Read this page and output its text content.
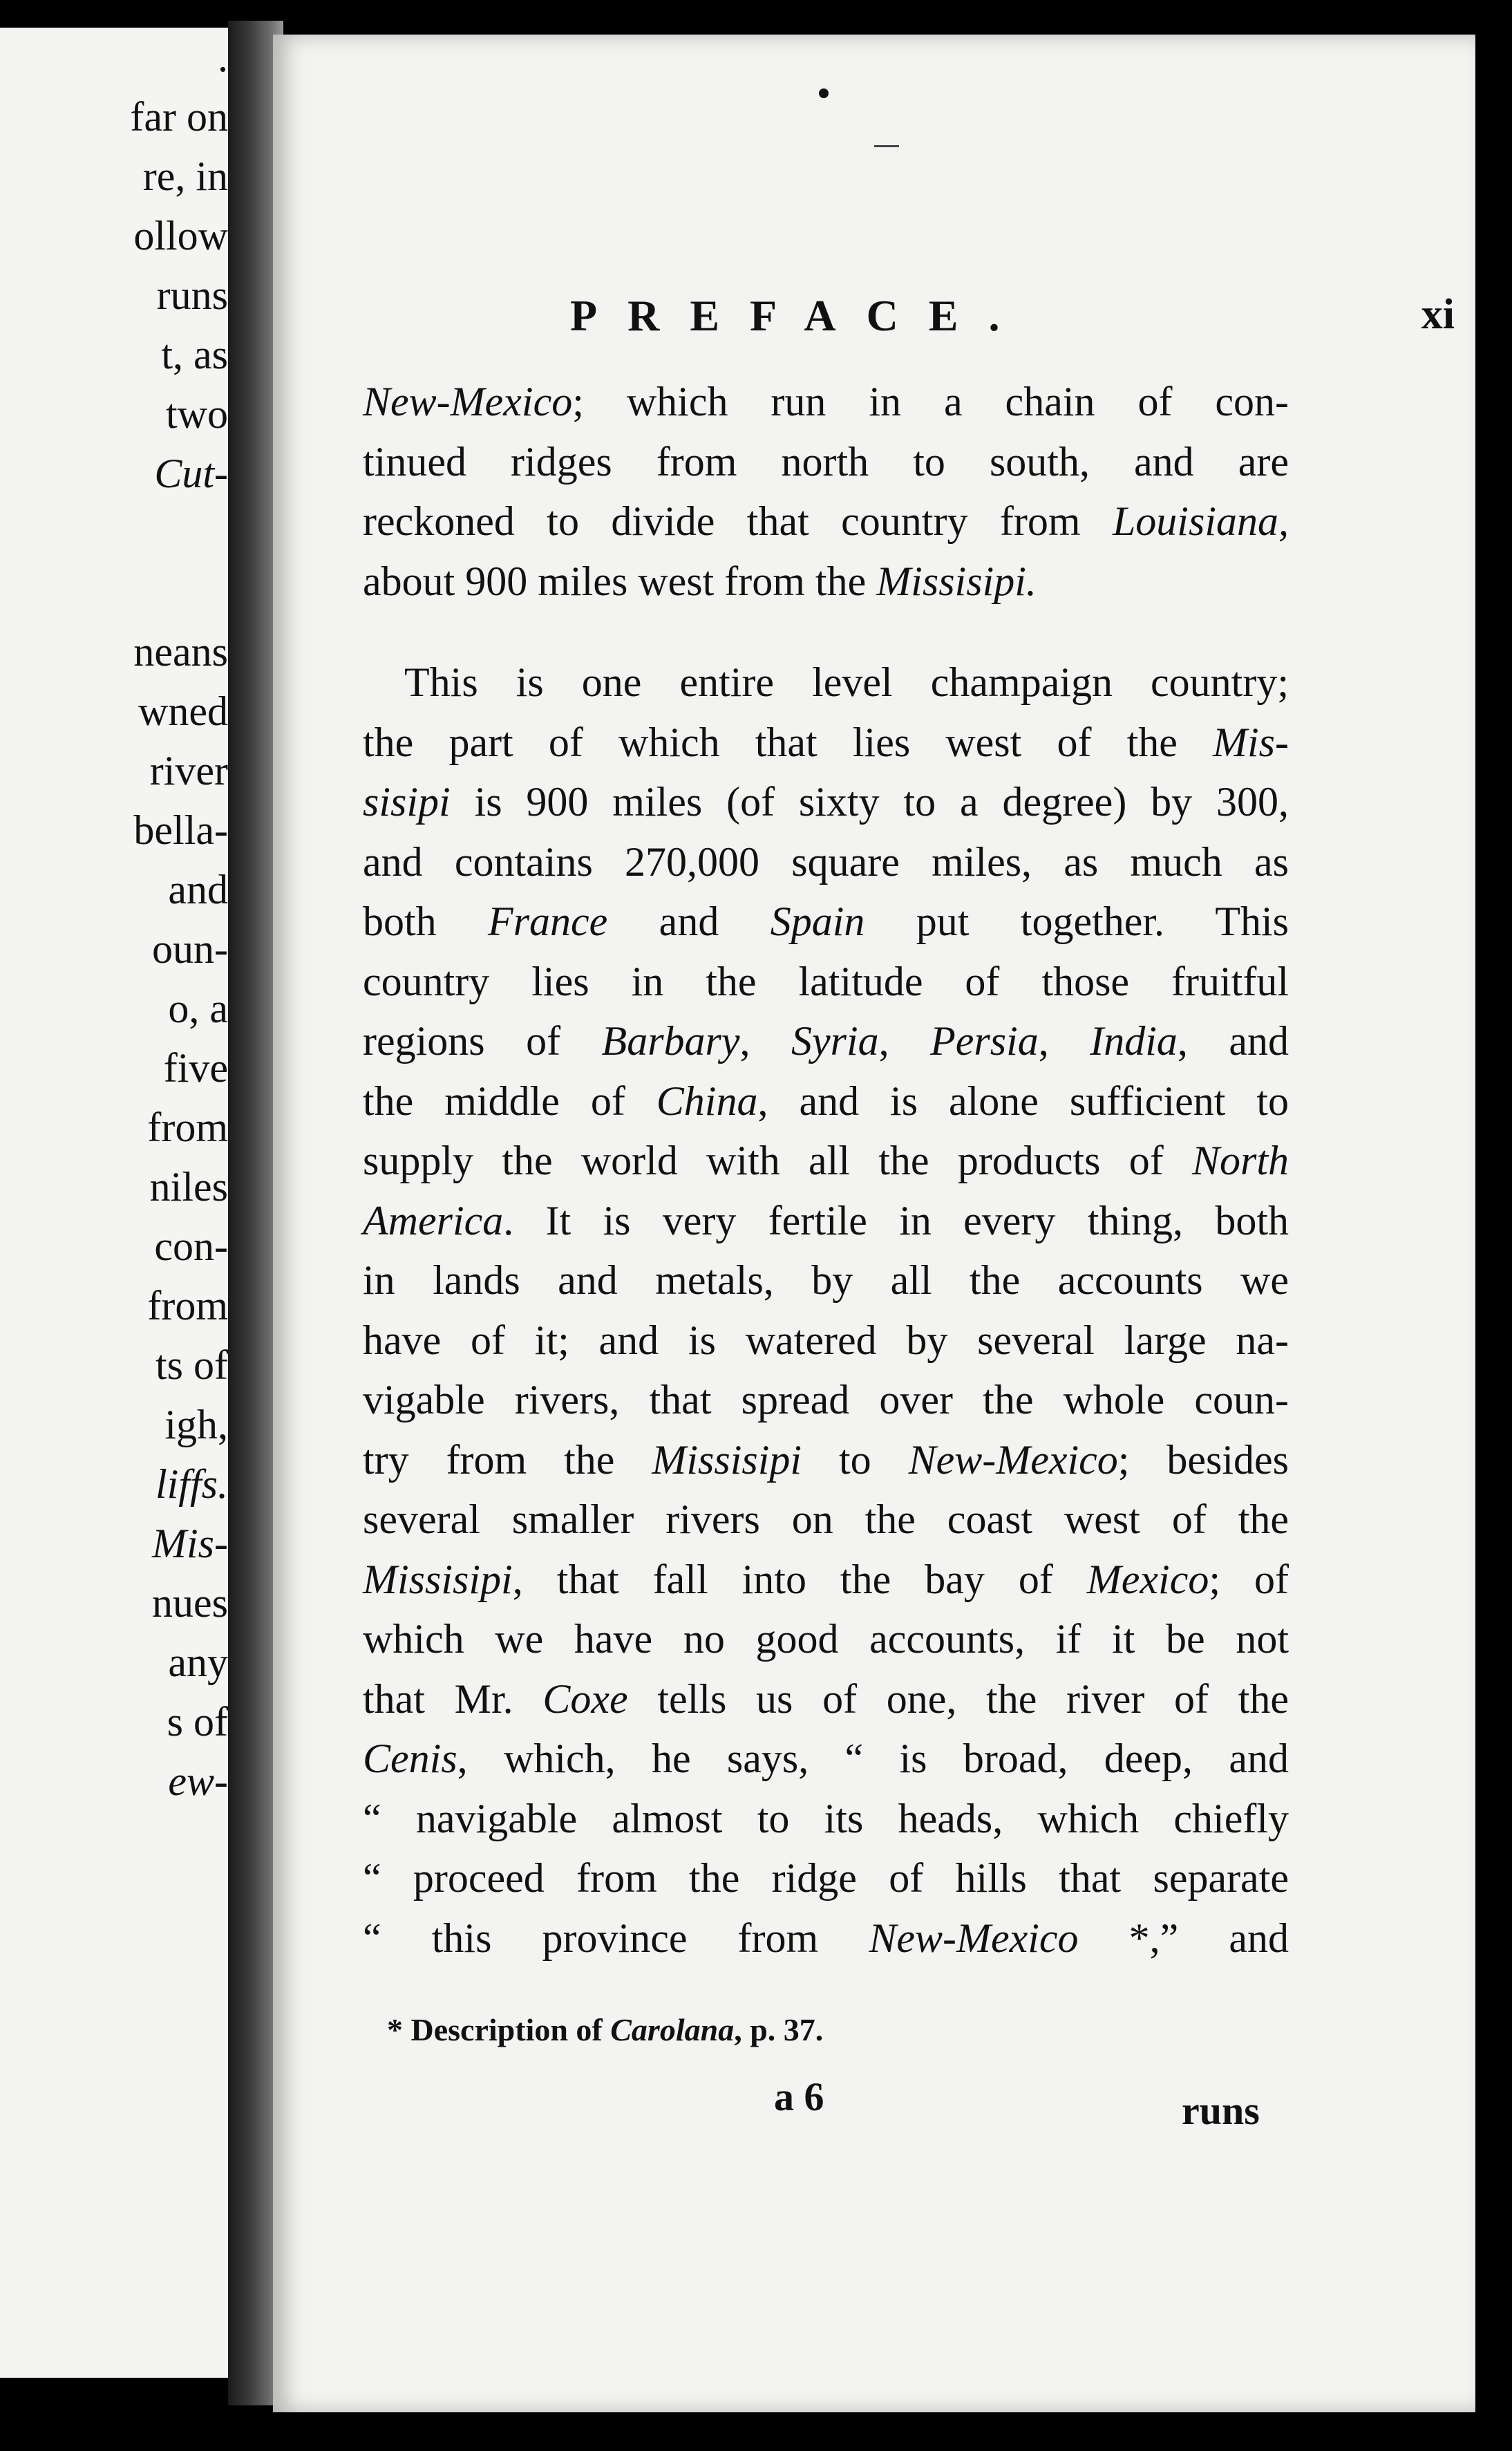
.
far on
re, in
ollow
runs
t, as
two
Cut-

neans
wned
river
bella-
and
oun-
o, a
five
from
niles
con-
from
ts of
igh,
liffs.
Mis-
nues
any
s of
ew-
PREFACE.	xi
New-Mexico; which run in a chain of con-
tinued ridges from north to south, and are
reckoned to divide that country from Louisiana,
about 900 miles west from the Missisipi.
This is one entire level champaign country;
the part of which that lies west of the Mis-
sisipi is 900 miles (of sixty to a degree) by 300,
and contains 270,000 square miles, as much as
both France and Spain put together. This
country lies in the latitude of those fruitful
regions of Barbary, Syria, Persia, India, and
the middle of China, and is alone sufficient to
supply the world with all the products of North
America. It is very fertile in every thing, both
in lands and metals, by all the accounts we
have of it; and is watered by several large na-
vigable rivers, that spread over the whole coun-
try from the Missisipi to New-Mexico; besides
several smaller rivers on the coast west of the
Missisipi, that fall into the bay of Mexico; of
which we have no good accounts, if it be not
that Mr. Coxe tells us of one, the river of the
Cenis, which, he says, “ is broad, deep, and
“ navigable almost to its heads, which chiefly
“ proceed from the ridge of hills that separate
“ this province from New-Mexico *,” and
* Description of Carolana, p. 37.
a 6	runs
